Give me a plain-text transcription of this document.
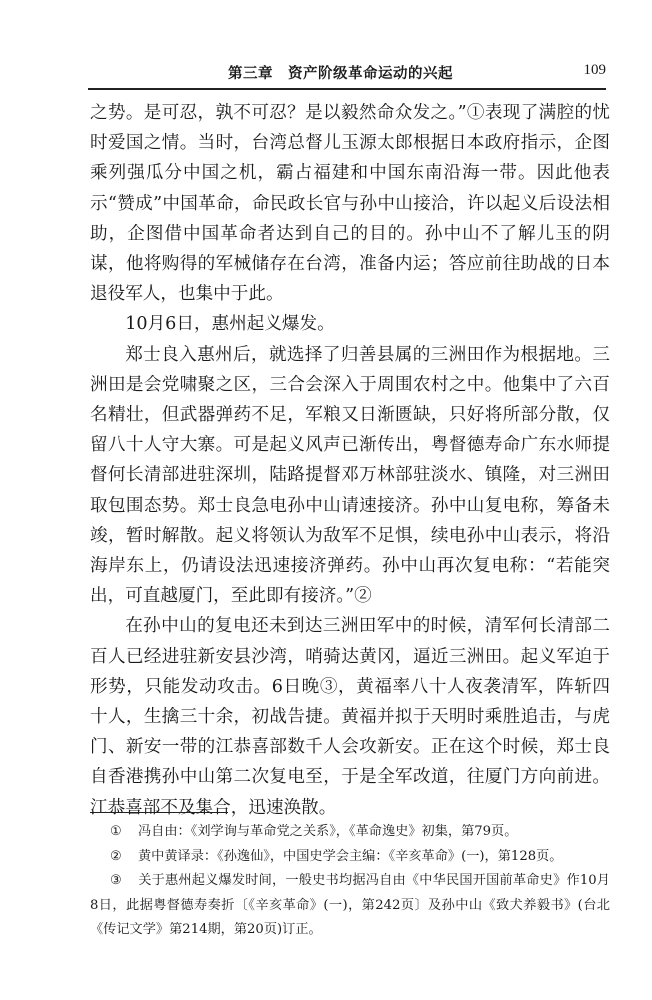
第三章　资产阶级革命运动的兴起	109

之势。是可忍，孰不可忍？是以毅然命众发之。”①表现了满腔的忧时爱国之情。当时，台湾总督儿玉源太郎根据日本政府指示，企图乘列强瓜分中国之机，霸占福建和中国东南沿海一带。因此他表示“赞成”中国革命，命民政长官与孙中山接洽，许以起义后设法相助，企图借中国革命者达到自己的目的。孙中山不了解儿玉的阴谋，他将购得的军械储存在台湾，准备内运；答应前往助战的日本退役军人，也集中于此。

10月6日，惠州起义爆发。

郑士良入惠州后，就选择了归善县属的三洲田作为根据地。三洲田是会党啸聚之区，三合会深入于周围农村之中。他集中了六百名精壮，但武器弹药不足，军粮又日渐匮缺，只好将所部分散，仅留八十人守大寨。可是起义风声已渐传出，粤督德寿命广东水师提督何长清部进驻深圳，陆路提督邓万林部驻淡水、镇隆，对三洲田取包围态势。郑士良急电孙中山请速接济。孙中山复电称，筹备未竣，暂时解散。起义将领认为敌军不足惧，续电孙中山表示，将沿海岸东上，仍请设法迅速接济弹药。孙中山再次复电称：“若能突出，可直越厦门，至此即有接济。”②

在孙中山的复电还未到达三洲田军中的时候，清军何长清部二百人已经进驻新安县沙湾，哨骑达黄冈，逼近三洲田。起义军迫于形势，只能发动攻击。6日晚③，黄福率八十人夜袭清军，阵斩四十人，生擒三十余，初战告捷。黄福并拟于天明时乘胜追击，与虎门、新安一带的江恭喜部数千人会攻新安。正在这个时候，郑士良自香港携孙中山第二次复电至，于是全军改道，往厦门方向前进。江恭喜部不及集合，迅速涣散。

① 冯自由：《刘学询与革命党之关系》，《革命逸史》初集，第79页。

② 黄中黄译录：《孙逸仙》，中国史学会主编：《辛亥革命》(一)，第128页。

③ 关于惠州起义爆发时间，一般史书均据冯自由《中华民国开国前革命史》作10月8日，此据粤督德寿奏折〔《辛亥革命》(一)，第242页〕及孙中山《致犬养毅书》(台北《传记文学》第214期，第20页)订正。
